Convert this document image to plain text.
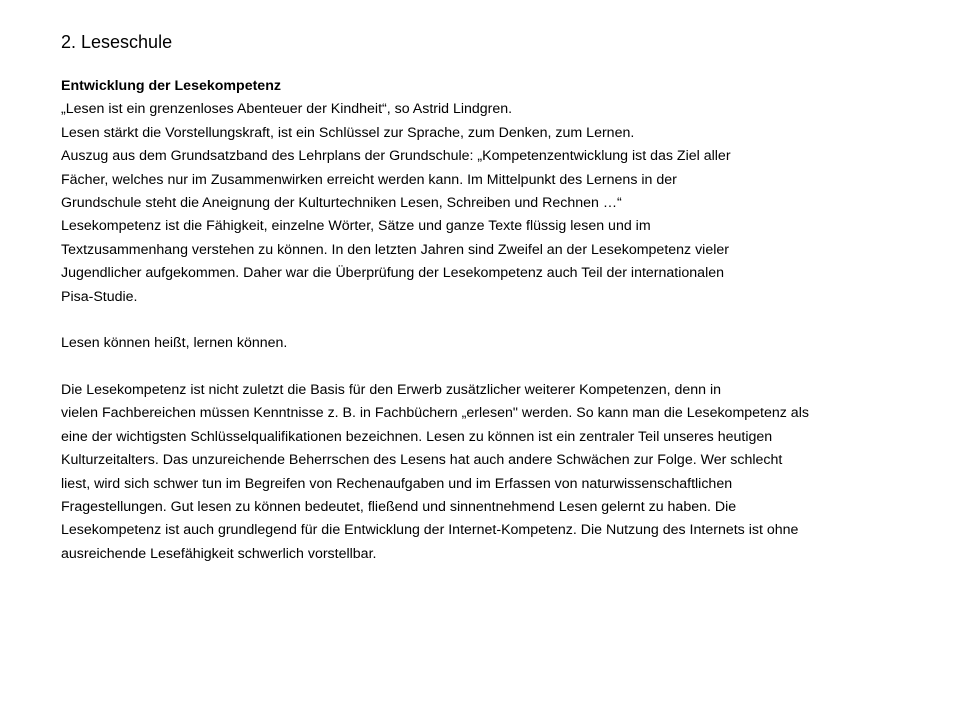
2. Leseschule

Entwicklung der Lesekompetenz

„Lesen ist ein grenzenloses Abenteuer der Kindheit“, so Astrid Lindgren.

Lesen stärkt die Vorstellungskraft, ist ein Schlüssel zur Sprache, zum Denken, zum Lernen.

Auszug aus dem Grundsatzband des Lehrplans der Grundschule: „Kompetenzentwicklung ist das Ziel aller

Fächer, welches nur im Zusammenwirken erreicht werden kann. Im Mittelpunkt des Lernens in der

Grundschule steht die Aneignung der Kulturtechniken Lesen, Schreiben und Rechnen …“

Lesekompetenz ist die Fähigkeit, einzelne Wörter, Sätze und ganze Texte flüssig lesen und im

Textzusammenhang verstehen zu können. In den letzten Jahren sind Zweifel an der Lesekompetenz vieler

Jugendlicher aufgekommen. Daher war die Überprüfung der Lesekompetenz auch Teil der internationalen

Pisa-Studie.

Lesen können heißt, lernen können.

Die Lesekompetenz ist nicht zuletzt die Basis für den Erwerb zusätzlicher weiterer Kompetenzen, denn in

vielen Fachbereichen müssen Kenntnisse z. B. in Fachbüchern „erlesen" werden. So kann man die Lesekompetenz als

eine der wichtigsten Schlüsselqualifikationen bezeichnen. Lesen zu können ist ein zentraler Teil unseres heutigen

Kulturzeitalters. Das unzureichende Beherrschen des Lesens hat auch andere Schwächen zur Folge. Wer schlecht

liest, wird sich schwer tun im Begreifen von Rechenaufgaben und im Erfassen von naturwissenschaftlichen

Fragestellungen. Gut lesen zu können bedeutet, fließend und sinnentnehmend Lesen gelernt zu haben. Die

Lesekompetenz ist auch grundlegend für die Entwicklung der Internet-Kompetenz. Die Nutzung des Internets ist ohne

ausreichende Lesefähigkeit schwerlich vorstellbar.
